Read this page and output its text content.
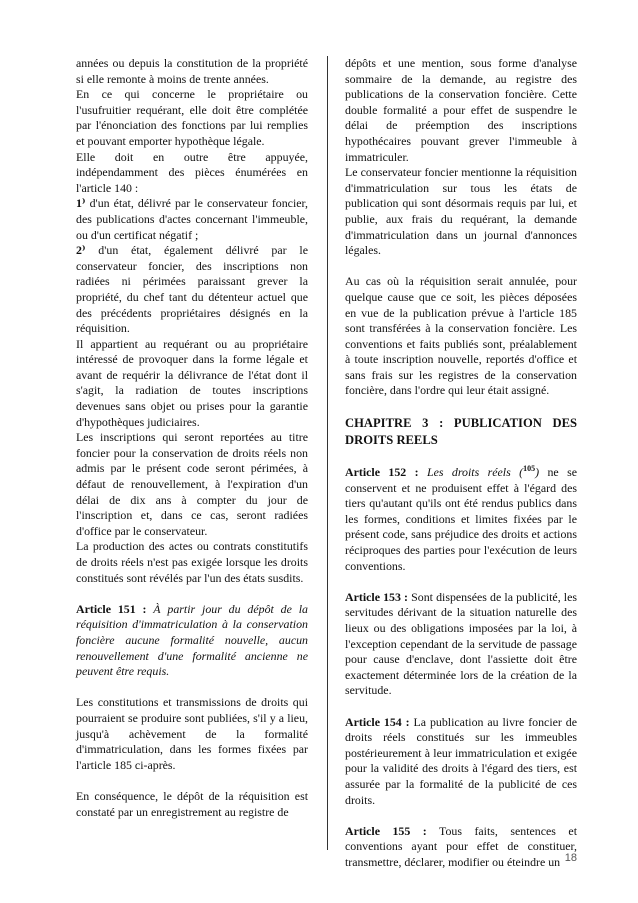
années ou depuis la constitution de la propriété si elle remonte à moins de trente années.

En ce qui concerne le propriétaire ou l'usufruitier requérant, elle doit être complétée par l'énonciation des fonctions par lui remplies et pouvant emporter hypothèque légale.

Elle doit en outre être appuyée, indépendamment des pièces énumérées en l'article 140 :

1⁾ d'un état, délivré par le conservateur foncier, des publications d'actes concernant l'immeuble, ou d'un certificat négatif ;

2⁾ d'un état, également délivré par le conservateur foncier, des inscriptions non radiées ni périmées paraissant grever la propriété, du chef tant du détenteur actuel que des précédents propriétaires désignés en la réquisition.

Il appartient au requérant ou au propriétaire intéressé de provoquer dans la forme légale et avant de requérir la délivrance de l'état dont il s'agit, la radiation de toutes inscriptions devenues sans objet ou prises pour la garantie d'hypothèques judiciaires.

Les inscriptions qui seront reportées au titre foncier pour la conservation de droits réels non admis par le présent code seront périmées, à défaut de renouvellement, à l'expiration d'un délai de dix ans à compter du jour de l'inscription et, dans ce cas, seront radiées d'office par le conservateur.

La production des actes ou contrats constitutifs de droits réels n'est pas exigée lorsque les droits constitués sont révélés par l'un des états susdits.

Article 151 : À partir jour du dépôt de la réquisition d'immatriculation à la conservation foncière aucune formalité nouvelle, aucun renouvellement d'une formalité ancienne ne peuvent être requis.

Les constitutions et transmissions de droits qui pourraient se produire sont publiées, s'il y a lieu, jusqu'à achèvement de la formalité d'immatriculation, dans les formes fixées par l'article 185 ci-après.

En conséquence, le dépôt de la réquisition est constaté par un enregistrement au registre de

dépôts et une mention, sous forme d'analyse sommaire de la demande, au registre des publications de la conservation foncière. Cette double formalité a pour effet de suspendre le délai de préemption des inscriptions hypothécaires pouvant grever l'immeuble à immatriculer.

Le conservateur foncier mentionne la réquisition d'immatriculation sur tous les états de publication qui sont désormais requis par lui, et publie, aux frais du requérant, la demande d'immatriculation dans un journal d'annonces légales.

Au cas où la réquisition serait annulée, pour quelque cause que ce soit, les pièces déposées en vue de la publication prévue à l'article 185 sont transférées à la conservation foncière. Les conventions et faits publiés sont, préalablement à toute inscription nouvelle, reportés d'office et sans frais sur les registres de la conservation foncière, dans l'ordre qui leur était assigné.

CHAPITRE 3 : PUBLICATION DES DROITS REELS

Article 152 : Les droits réels ($^{105}$) ne se conservent et ne produisent effet à l'égard des tiers qu'autant qu'ils ont été rendus publics dans les formes, conditions et limites fixées par le présent code, sans préjudice des droits et actions réciproques des parties pour l'exécution de leurs conventions.

Article 153 : Sont dispensées de la publicité, les servitudes dérivant de la situation naturelle des lieux ou des obligations imposées par la loi, à l'exception cependant de la servitude de passage pour cause d'enclave, dont l'assiette doit être exactement déterminée lors de la création de la servitude.

Article 154 : La publication au livre foncier de droits réels constitués sur les immeubles postérieurement à leur immatriculation et exigée pour la validité des droits à l'égard des tiers, est assurée par la formalité de la publicité de ces droits.

Article 155 : Tous faits, sentences et conventions ayant pour effet de constituer, transmettre, déclarer, modifier ou éteindre un 18
